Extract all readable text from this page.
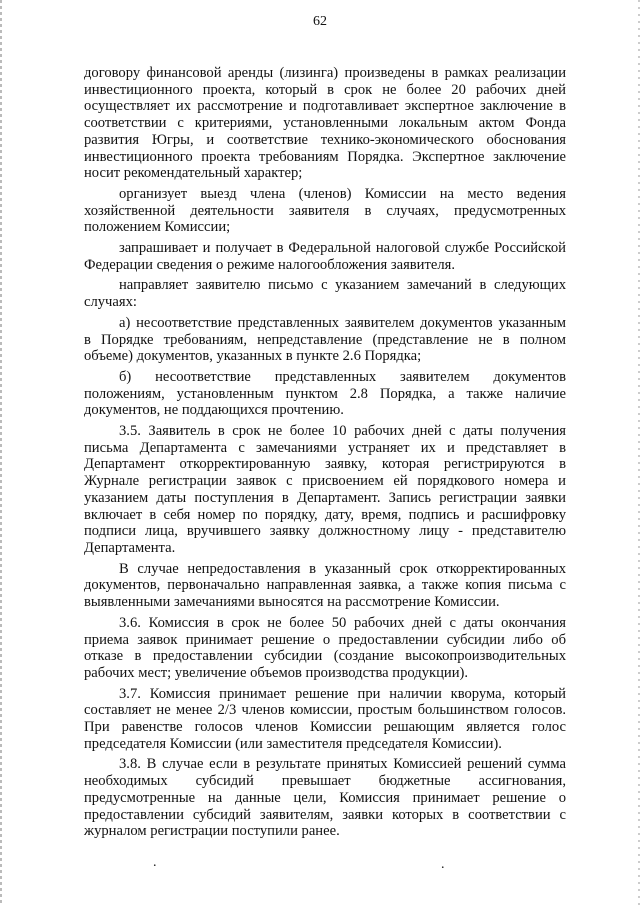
62

договору финансовой аренды (лизинга) произведены в рамках реализации инвестиционного проекта, который в срок не более 20 рабочих дней осуществляет их рассмотрение и подготавливает экспертное заключение в соответствии с критериями, установленными локальным актом Фонда развития Югры, и соответствие технико-экономического обоснования инвестиционного проекта требованиям Порядка. Экспертное заключение носит рекомендательный характер;

организует выезд члена (членов) Комиссии на место ведения хозяйственной деятельности заявителя в случаях, предусмотренных положением Комиссии;

запрашивает и получает в Федеральной налоговой службе Российской Федерации сведения о режиме налогообложения заявителя.

направляет заявителю письмо с указанием замечаний в следующих случаях:

а) несоответствие представленных заявителем документов указанным в Порядке требованиям, непредставление (представление не в полном объеме) документов, указанных в пункте 2.6 Порядка;

б) несоответствие представленных заявителем документов положениям, установленным пунктом 2.8 Порядка, а также наличие документов, не поддающихся прочтению.

3.5. Заявитель в срок не более 10 рабочих дней с даты получения письма Департамента с замечаниями устраняет их и представляет в Департамент откорректированную заявку, которая регистрируются в Журнале регистрации заявок с присвоением ей порядкового номера и указанием даты поступления в Департамент. Запись регистрации заявки включает в себя номер по порядку, дату, время, подпись и расшифровку подписи лица, вручившего заявку должностному лицу - представителю Департамента.

В случае непредоставления в указанный срок откорректированных документов, первоначально направленная заявка, а также копия письма с выявленными замечаниями выносятся на рассмотрение Комиссии.

3.6. Комиссия в срок не более 50 рабочих дней с даты окончания приема заявок принимает решение о предоставлении субсидии либо об отказе в предоставлении субсидии (создание высокопроизводительных рабочих мест; увеличение объемов производства продукции).

3.7. Комиссия принимает решение при наличии кворума, который составляет не менее 2/3 членов комиссии, простым большинством голосов. При равенстве голосов членов Комиссии решающим является голос председателя Комиссии (или заместителя председателя Комиссии).

3.8. В случае если в результате принятых Комиссией решений сумма необходимых субсидий превышает бюджетные ассигнования, предусмотренные на данные цели, Комиссия принимает решение о предоставлении субсидий заявителям, заявки которых в соответствии с журналом регистрации поступили ранее.

.	.
